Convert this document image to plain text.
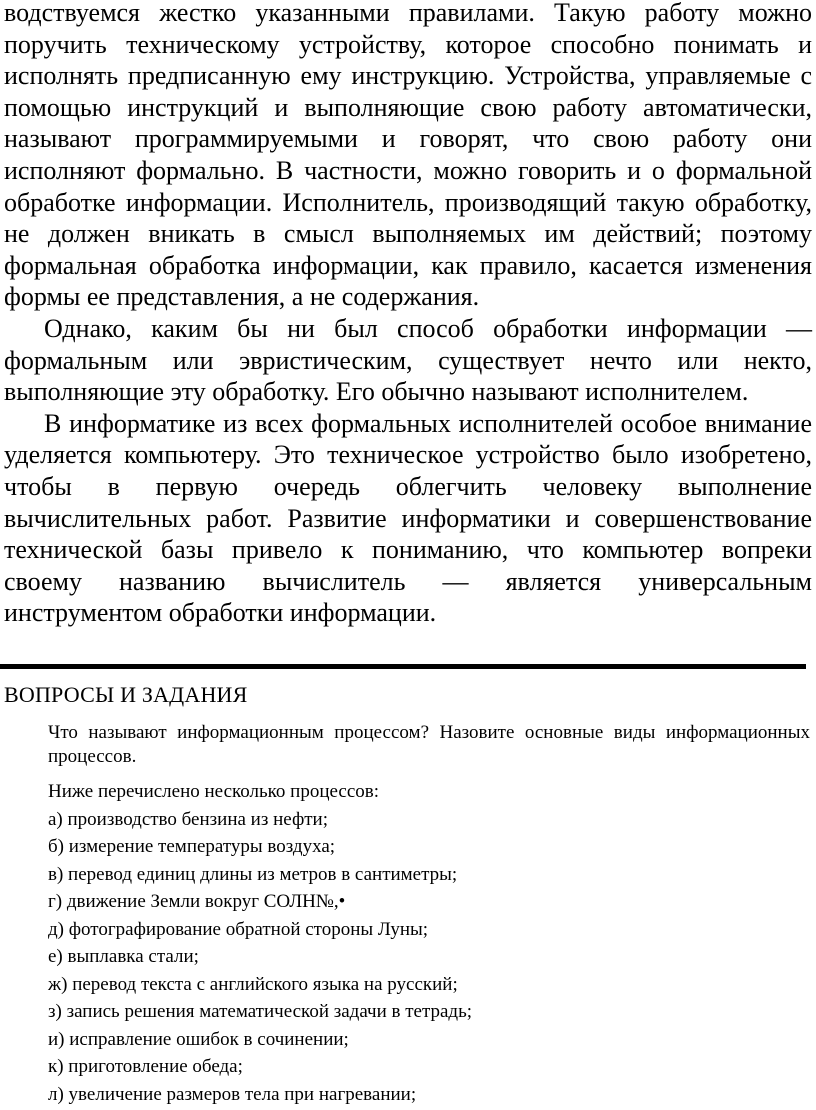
водствуемся жестко указанными правилами. Такую работу можно поручить техническому устройству, которое способно понимать и исполнять предписанную ему инструкцию. Устройства, управляемые с помощью инструкций и выполняющие свою работу автоматически, называют программируемыми и говорят, что свою работу они исполняют формально. В частности, можно говорить и о формальной обработке информации. Исполнитель, производящий такую обработку, не должен вникать в смысл выполняемых им действий; поэтому формальная обработка информации, как правило, касается изменения формы ее представления, а не содержания.

Однако, каким бы ни был способ обработки информации — формальным или эвристическим, существует нечто или некто, выполняющие эту обработку. Его обычно называют исполнителем.

В информатике из всех формальных исполнителей особое внимание уделяется компьютеру. Это техническое устройство было изобретено, чтобы в первую очередь облегчить человеку выполнение вычислительных работ. Развитие информатики и совершенствование технической базы привело к пониманию, что компьютер вопреки своему названию вычислитель — является универсальным инструментом обработки информации.

ВОПРОСЫ И ЗАДАНИЯ

Что называют информационным процессом? Назовите основные виды информационных процессов.

Ниже перечислено несколько процессов:
а) производство бензина из нефти;
б) измерение температуры воздуха;
в) перевод единиц длины из метров в сантиметры;
г) движение Земли вокруг СОЛН№,•
д) фотографирование обратной стороны Луны;
е) выплавка стали;
ж) перевод текста с английского языка на русский;
з) запись решения математической задачи в тетрадь;
и) исправление ошибок в сочинении;
к) приготовление обеда;
л) увеличение размеров тела при нагревании;
